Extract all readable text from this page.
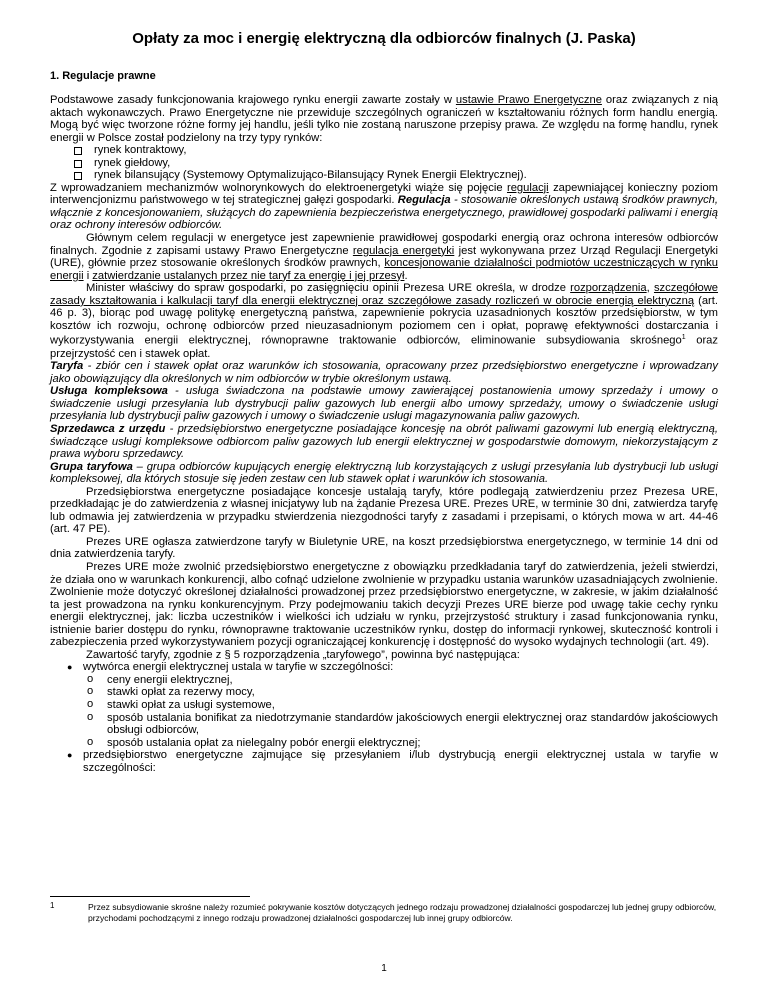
Opłaty za moc i energię elektryczną dla odbiorców finalnych (J. Paska)
1. Regulacje prawne

Podstawowe zasady funkcjonowania krajowego rynku energii zawarte zostały w ustawie Prawo Energetyczne oraz związanych z nią aktach wykonawczych. Prawo Energetyczne nie przewiduje szczególnych ograniczeń w kształtowaniu różnych form handlu energią. Mogą być więc tworzone różne formy jej handlu, jeśli tylko nie zostaną naruszone przepisy prawa. Ze względu na formę handlu, rynek energii w Polsce został podzielony na trzy typy rynków:

rynek kontraktowy,
rynek giełdowy,
rynek bilansujący (Systemowy Optymalizująco-Bilansujący Rynek Energii Elektrycznej).

Z wprowadzaniem mechanizmów wolnorynkowych do elektroenergetyki wiąże się pojęcie regulacji zapewniającej konieczny poziom interwencjonizmu państwowego w tej strategicznej gałęzi gospodarki. Regulacja - stosowanie określonych ustawą środków prawnych, włącznie z koncesjonowaniem, służących do zapewnienia bezpieczeństwa energetycznego, prawidłowej gospodarki paliwami i energią oraz ochrony interesów odbiorców.

Głównym celem regulacji w energetyce jest zapewnienie prawidłowej gospodarki energią oraz ochrona interesów odbiorców finalnych. Zgodnie z zapisami ustawy Prawo Energetyczne regulacja energetyki jest wykonywana przez Urząd Regulacji Energetyki (URE), głównie przez stosowanie określonych środków prawnych, koncesjonowanie działalności podmiotów uczestniczących w rynku energii i zatwierdzanie ustalanych przez nie taryf za energię i jej przesył.

Minister właściwy do spraw gospodarki, po zasięgnięciu opinii Prezesa URE określa, w drodze rozporządzenia, szczegółowe zasady kształtowania i kalkulacji taryf dla energii elektrycznej oraz szczegółowe zasady rozliczeń w obrocie energią elektryczną (art. 46 p. 3), biorąc pod uwagę politykę energetyczną państwa, zapewnienie pokrycia uzasadnionych kosztów przedsiębiorstw, w tym kosztów ich rozwoju, ochronę odbiorców przed nieuzasadnionym poziomem cen i opłat, poprawę efektywności dostarczania i wykorzystywania energii elektrycznej, równoprawne traktowanie odbiorców, eliminowanie subsydiowania skrośnego$^1$ oraz przejrzystość cen i stawek opłat.

Taryfa - zbiór cen i stawek opłat oraz warunków ich stosowania, opracowany przez przedsiębiorstwo energetyczne i wprowadzany jako obowiązujący dla określonych w nim odbiorców w trybie określonym ustawą.

Usługa kompleksowa - usługa świadczona na podstawie umowy zawierającej postanowienia umowy sprzedaży i umowy o świadczenie usługi przesyłania lub dystrybucji paliw gazowych lub energii albo umowy sprzedaży, umowy o świadczenie usługi przesyłania lub dystrybucji paliw gazowych i umowy o świadczenie usługi magazynowania paliw gazowych.

Sprzedawca z urzędu - przedsiębiorstwo energetyczne posiadające koncesję na obrót paliwami gazowymi lub energią elektryczną, świadczące usługi kompleksowe odbiorcom paliw gazowych lub energii elektrycznej w gospodarstwie domowym, niekorzystającym z prawa wyboru sprzedawcy.

Grupa taryfowa – grupa odbiorców kupujących energię elektryczną lub korzystających z usługi przesyłania lub dystrybucji lub usługi kompleksowej, dla których stosuje się jeden zestaw cen lub stawek opłat i warunków ich stosowania.

Przedsiębiorstwa energetyczne posiadające koncesje ustalają taryfy, które podlegają zatwierdzeniu przez Prezesa URE, przedkładając je do zatwierdzenia z własnej inicjatywy lub na żądanie Prezesa URE. Prezes URE, w terminie 30 dni, zatwierdza taryfę lub odmawia jej zatwierdzenia w przypadku stwierdzenia niezgodności taryfy z zasadami i przepisami, o których mowa w art. 44-46 (art. 47 PE).

Prezes URE ogłasza zatwierdzone taryfy w Biuletynie URE, na koszt przedsiębiorstwa energetycznego, w terminie 14 dni od dnia zatwierdzenia taryfy.

Prezes URE może zwolnić przedsiębiorstwo energetyczne z obowiązku przedkładania taryf do zatwierdzenia, jeżeli stwierdzi, że działa ono w warunkach konkurencji, albo cofnąć udzielone zwolnienie w przypadku ustania warunków uzasadniających zwolnienie. Zwolnienie może dotyczyć określonej działalności prowadzonej przez przedsiębiorstwo energetyczne, w zakresie, w jakim działalność ta jest prowadzona na rynku konkurencyjnym. Przy podejmowaniu takich decyzji Prezes URE bierze pod uwagę takie cechy rynku energii elektrycznej, jak: liczba uczestników i wielkości ich udziału w rynku, przejrzystość struktury i zasad funkcjonowania rynku, istnienie barier dostępu do rynku, równoprawne traktowanie uczestników rynku, dostęp do informacji rynkowej, skuteczność kontroli i zabezpieczenia przed wykorzystywaniem pozycji ograniczającej konkurencję i dostępność do wysoko wydajnych technologii (art. 49).

Zawartość taryfy, zgodnie z § 5 rozporządzenia „taryfowego”, powinna być następująca:

● wytwórca energii elektrycznej ustala w taryfie w szczególności:
o ceny energii elektrycznej,
o stawki opłat za rezerwy mocy,
o stawki opłat za usługi systemowe,
o sposób ustalania bonifikat za niedotrzymanie standardów jakościowych energii elektrycznej oraz standardów jakościowych obsługi odbiorców,
o sposób ustalania opłat za nielegalny pobór energii elektrycznej;
● przedsiębiorstwo energetyczne zajmujące się przesyłaniem i/lub dystrybucją energii elektrycznej ustala w taryfie w szczególności:
1	Przez subsydiowanie skrośne należy rozumieć pokrywanie kosztów dotyczących jednego rodzaju prowadzonej działalności gospodarczej lub jednej grupy odbiorców, przychodami pochodzącymi z innego rodzaju prowadzonej działalności gospodarczej lub innej grupy odbiorców.
1
